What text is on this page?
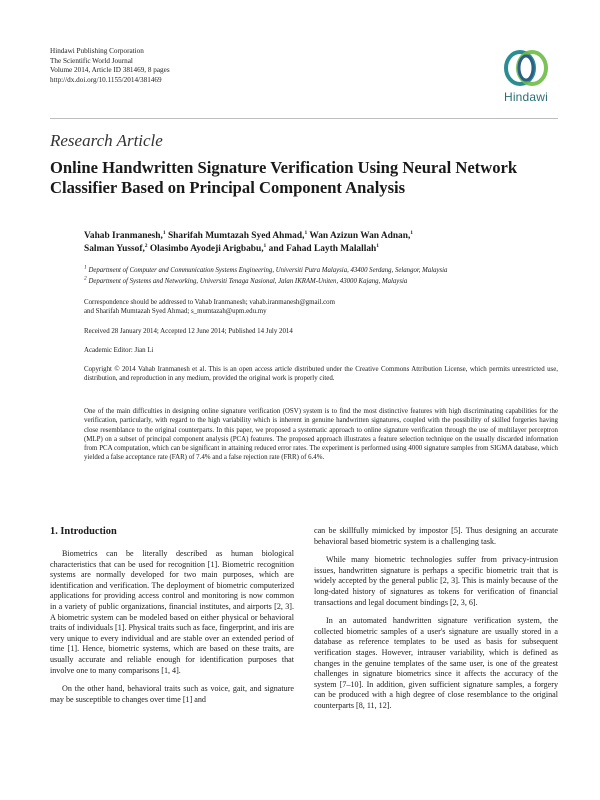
Hindawi Publishing Corporation
The Scientific World Journal
Volume 2014, Article ID 381469, 8 pages
http://dx.doi.org/10.1155/2014/381469
Hindawi
Research Article
Online Handwritten Signature Verification Using Neural Network Classifier Based on Principal Component Analysis
Vahab Iranmanesh,$^1$ Sharifah Mumtazah Syed Ahmad,$^1$ Wan Azizun Wan Adnan,$^1$
Salman Yussof,$^2$ Olasimbo Ayodeji Arigbabu,$^1$ and Fahad Layth Malallah$^1$
$^1$ Department of Computer and Communication Systems Engineering, Universiti Putra Malaysia, 43400 Serdang, Selangor, Malaysia
$^2$ Department of Systems and Networking, Universiti Tenaga Nasional, Jalan IKRAM-Uniten, 43000 Kajang, Malaysia
Correspondence should be addressed to Vahab Iranmanesh; vahab.iranmanesh@gmail.com
and Sharifah Mumtazah Syed Ahmad; s_mumtazah@upm.edu.my
Received 28 January 2014; Accepted 12 June 2014; Published 14 July 2014
Academic Editor: Jian Li
Copyright © 2014 Vahab Iranmanesh et al. This is an open access article distributed under the Creative Commons Attribution License, which permits unrestricted use, distribution, and reproduction in any medium, provided the original work is properly cited.
One of the main difficulties in designing online signature verification (OSV) system is to find the most distinctive features with high discriminating capabilities for the verification, particularly, with regard to the high variability which is inherent in genuine handwritten signatures, coupled with the possibility of skilled forgeries having close resemblance to the original counterparts. In this paper, we proposed a systematic approach to online signature verification through the use of multilayer perceptron (MLP) on a subset of principal component analysis (PCA) features. The proposed approach illustrates a feature selection technique on the usually discarded information from PCA computation, which can be significant in attaining reduced error rates. The experiment is performed using 4000 signature samples from SIGMA database, which yielded a false acceptance rate (FAR) of 7.4% and a false rejection rate (FRR) of 6.4%.
1. Introduction

Biometrics can be literally described as human biological characteristics that can be used for recognition [1]. Biometric recognition systems are normally developed for two main purposes, which are identification and verification. The deployment of biometric computerized applications for providing access control and monitoring is now common in a variety of public organizations, financial institutes, and airports [2, 3]. A biometric system can be modeled based on either physical or behavioral traits of individuals [1]. Physical traits such as face, fingerprint, and iris are very unique to every individual and are stable over an extended period of time [1]. Hence, biometric systems, which are based on these traits, are usually accurate and reliable enough for identification purposes that involve one to many comparisons [1, 4].

On the other hand, behavioral traits such as voice, gait, and signature may be susceptible to changes over time [1] and

can be skillfully mimicked by impostor [5]. Thus designing an accurate behavioral based biometric system is a challenging task.

While many biometric technologies suffer from privacy-intrusion issues, handwritten signature is perhaps a specific biometric trait that is widely accepted by the general public [2, 3]. This is mainly because of the long-dated history of signatures as tokens for verification of financial transactions and legal document bindings [2, 3, 6].

In an automated handwritten signature verification system, the collected biometric samples of a user's signature are usually stored in a database as reference templates to be used as basis for subsequent verification stages. However, intrauser variability, which is defined as changes in the genuine templates of the same user, is one of the greatest challenges in signature biometrics since it affects the accuracy of the system [7–10]. In addition, given sufficient signature samples, a forgery can be produced with a high degree of close resemblance to the original counterparts [8, 11, 12].
